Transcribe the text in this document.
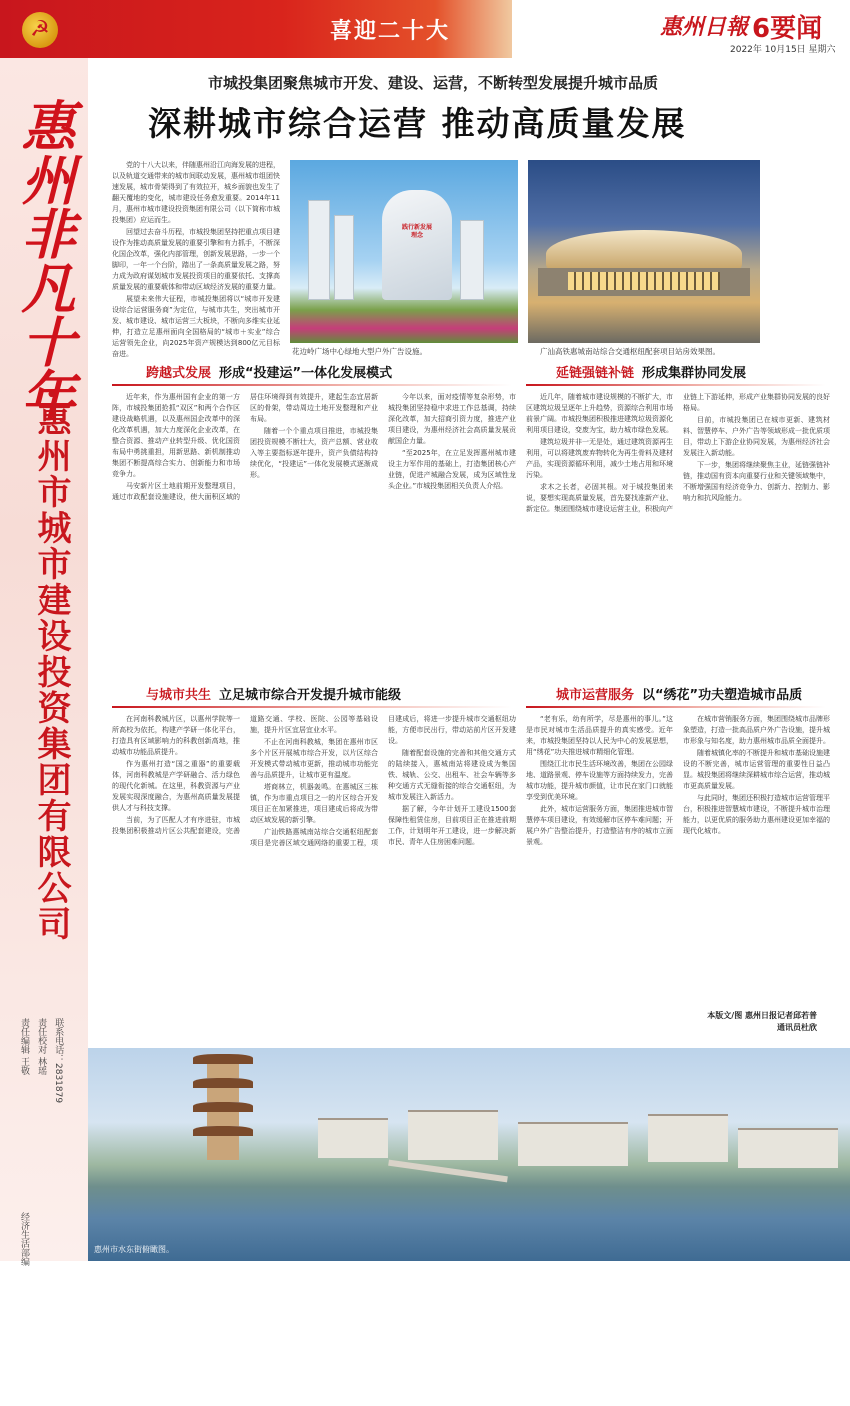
☭	喜迎二十大	惠州日報 6要闻
2022年 10月15日 星期六
惠州非凡十年
·惠州市城市建设投资集团有限公司
责任编辑 王敬 责任校对 林瑶 联系电话：2831879 经济生活部编
市城投集团聚焦城市开发、建设、运营，不断转型发展提升城市品质
深耕城市综合运营 推动高质量发展

党的十八大以来，伴随惠州沿江向海发展的进程，以及轨道交通带来的城市间联动发展，惠州城市组团快速发展，城市骨架得到了有效拉开，城乡面貌也发生了翻天覆地的变化，城市建设任务愈发重要。2014年11月，惠州市城市建设投资集团有限公司（以下简称市城投集团）应运而生。

回望过去奋斗历程，市城投集团坚持把重点项目建设作为推动高质量发展的重要引擎和有力抓手，不断深化国企改革，强化内部管理，创新发展思路，一步一个脚印，一年一个台阶，踏出了一条高质量发展之路，努力成为政府谋划城市发展投资项目的重要依托、支撑高质量发展的重要载体和带动区域经济发展的重要力量。

展望未来伟大征程，市城投集团将以“城市开发建设综合运营服务商”为定位，与城市共生，突出城市开发、城市建设、城市运营三大板块，不断向多维实业延伸，打造立足惠州面向全国格局的“城市＋实业”综合运营领先企业，向2025年资产规模达到800亿元目标奋进。

践行新发展理念
花边岭广场中心绿地大型户外广告设施。	广汕高铁惠城南站综合交通枢纽配套项目站房效果图。
跨越式发展 形成“投建运”一体化发展模式

近年来，作为惠州国有企业的第一方阵，市城投集团抢抓“双区”和两个合作区建设战略机遇，以及惠州国企改革中的深化改革机遇，加大力度深化企业改革，在整合资源、推动产业转型升级、优化国资布局中勇挑重担，用新思路、新机制推动集团不断提高综合实力、创新能力和市场竞争力。

马安新片区土地前期开发整理项目，通过市政配套设施建设，使大面积区域的居住环境得到有效提升，建起生态宜居新区的骨架，带动周边土地开发整理和产业布局。

随着一个个重点项目推进，市城投集团投资规模不断壮大，资产总额、营业收入等主要指标逐年提升，资产负债结构持续优化，“投建运”一体化发展模式逐渐成形。

今年以来，面对疫情等复杂形势，市城投集团坚持稳中求进工作总基调，持续深化改革，加大招商引资力度，推进产业项目建设，为惠州经济社会高质量发展贡献国企力量。

“至2025年，在立足发挥惠州城市建设主力军作用的基础上，打造集团核心产业链，促进产城融合发展，成为区域性龙头企业。”市城投集团相关负责人介绍。

延链强链补链 形成集群协同发展

近几年，随着城市建设规模的不断扩大，市区建筑垃圾呈逐年上升趋势，资源综合利用市场前景广阔。市城投集团积极推进建筑垃圾资源化利用项目建设，变废为宝，助力城市绿色发展。

建筑垃圾并非一无是处，通过建筑资源再生利用，可以将建筑废弃物转化为再生骨料及建材产品，实现资源循环利用，减少土地占用和环境污染。

求木之长者，必固其根。对于城投集团来说，要想实现高质量发展，首先要找准新产业、新定位。集团围绕城市建设运营主业，积极向产业链上下游延伸，形成产业集群协同发展的良好格局。

目前，市城投集团已在城市更新、建筑材料、智慧停车、户外广告等领域形成一批优质项目，带动上下游企业协同发展，为惠州经济社会发展注入新动能。

下一步，集团将继续聚焦主业，延链强链补链，推动国有资本向重要行业和关键领域集中，不断增强国有经济竞争力、创新力、控制力、影响力和抗风险能力。

与城市共生 立足城市综合开发提升城市能级

在河南科教城片区，以惠州学院等一所高校为依托，构建产学研一体化平台，打造具有区域影响力的科教创新高地，推动城市功能品质提升。

作为惠州打造“国之重器”的重要载体，河南科教城是产学研融合、活力绿色的现代化新城。在这里，科教资源与产业发展实现深度融合，为惠州高质量发展提供人才与科技支撑。

当前，为了匹配人才有序进驻，市城投集团积极推动片区公共配套建设，完善道路交通、学校、医院、公园等基础设施，提升片区宜居宜业水平。

不止在河南科教城，集团在惠州市区多个片区开展城市综合开发，以片区综合开发模式带动城市更新，推动城市功能完善与品质提升，让城市更有温度。

塔商林立，机器轰鸣。在惠城区三栋镇，作为市重点项目之一的片区综合开发项目正在加紧推进，项目建成后将成为带动区域发展的新引擎。

广汕铁路惠城南站综合交通枢纽配套项目是完善区域交通网络的重要工程，项目建成后，将进一步提升城市交通枢纽功能，方便市民出行，带动站前片区开发建设。

随着配套设施的完善和其他交通方式的陆续接入，惠城南站将建设成为集国铁、城轨、公交、出租车、社会车辆等多种交通方式无缝衔接的综合交通枢纽，为城市发展注入新活力。

据了解，今年计划开工建设1500套保障性租赁住房，目前项目正在推进前期工作，计划明年开工建设，进一步解决新市民、青年人住房困难问题。

城市运营服务 以“绣花”功夫塑造城市品质

“老有乐，幼有所学，尽是惠州的事儿。”这是市民对城市生活品质提升的真实感受。近年来，市城投集团坚持以人民为中心的发展思想，用“绣花”功夫推进城市精细化管理。

围绕江北市民生活环境改善，集团在公园绿地、道路景观、停车设施等方面持续发力，完善城市功能，提升城市颜值，让市民在家门口就能享受到优美环境。

此外，城市运营服务方面，集团推进城市智慧停车项目建设，有效缓解市区停车难问题；开展户外广告整治提升，打造整洁有序的城市立面景观。

在城市营销服务方面，集团围绕城市品牌形象塑造，打造一批高品质户外广告设施，提升城市形象与知名度，助力惠州城市品质全面提升。

随着城镇化率的不断提升和城市基础设施建设的不断完善，城市运营管理的重要性日益凸显。城投集团将继续深耕城市综合运营，推动城市更高质量发展。

与此同时，集团还积极打造城市运营管理平台，积极推进智慧城市建设，不断提升城市治理能力，以更优质的服务助力惠州建设更加幸福的现代化城市。

本版文/图 惠州日报记者邱若普
通讯员杜欣
惠州市水东街俯瞰图。
